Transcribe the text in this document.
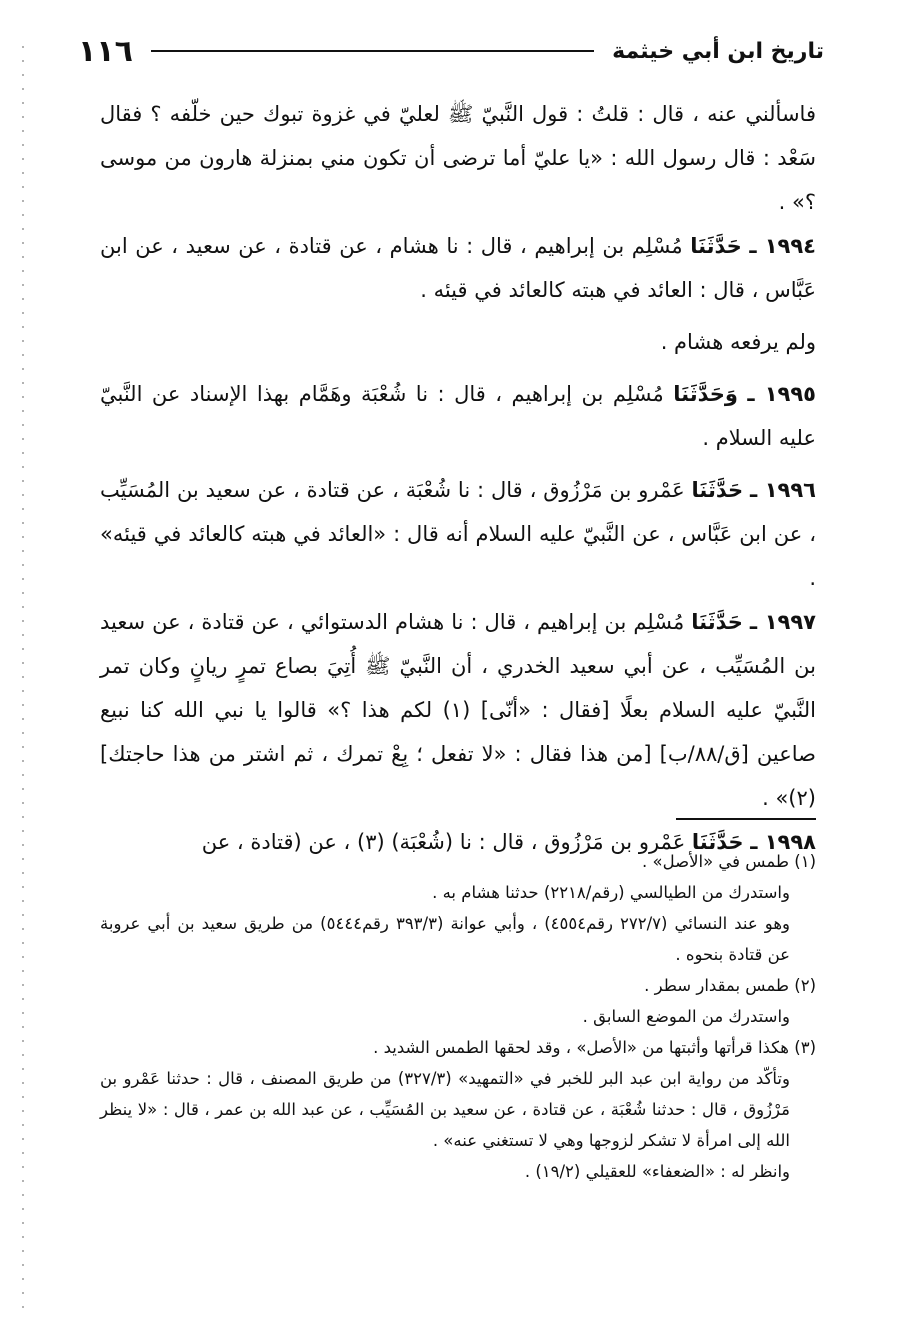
تاريخ ابن أبي خيثمة
١١٦

فاسألني عنه ، قال : قلتُ : قول النَّبيّ ﷺ لعليّ في غزوة تبوك حين خلّفه ؟ فقال سَعْد : قال رسول الله : «يا عليّ أما ترضى أن تكون مني بمنزلة هارون من موسى ؟» .

١٩٩٤ ـ حَدَّثَنَا مُسْلِم بن إبراهيم ، قال : نا هشام ، عن قتادة ، عن سعيد ، عن ابن عَبَّاس ، قال : العائد في هبته كالعائد في قيئه .

ولم يرفعه هشام .

١٩٩٥ ـ وَحَدَّثَنَا مُسْلِم بن إبراهيم ، قال : نا شُعْبَة وهَمَّام بهذا الإسناد عن النَّبيّ عليه السلام .

١٩٩٦ ـ حَدَّثَنَا عَمْرو بن مَرْزُوق ، قال : نا شُعْبَة ، عن قتادة ، عن سعيد بن المُسَيِّب ، عن ابن عَبَّاس ، عن النَّبيّ عليه السلام أنه قال : «العائد في هبته كالعائد في قيئه» .

١٩٩٧ ـ حَدَّثَنَا مُسْلِم بن إبراهيم ، قال : نا هشام الدستوائي ، عن قتادة ، عن سعيد بن المُسَيِّب ، عن أبي سعيد الخدري ، أن النَّبيّ ﷺ أُتِيَ بصاع تمرٍ ريانٍ وكان تمر النَّبيّ عليه السلام بعلًا [فقال : «أنّى] (١) لكم هذا ؟» قالوا يا نبي الله كنا نبيع صاعين [ق/٨٨/ب] [من هذا فقال : «لا تفعل ؛ بِعْ تمرك ، ثم اشتر من هذا حاجتك] (٢)» .

١٩٩٨ ـ حَدَّثَنَا عَمْرو بن مَرْزُوق ، قال : نا (شُعْبَة) (٣) ، عن (قتادة ، عن

(١) طمس في «الأصل» .

واستدرك من الطيالسي (رقم/٢٢١٨) حدثنا هشام به .

وهو عند النسائي (٢٧٢/٧ رقم٤٥٥٤) ، وأبي عوانة (٣٩٣/٣ رقم٥٤٤٤) من طريق سعيد بن أبي عروبة عن قتادة بنحوه .

(٢) طمس بمقدار سطر .

واستدرك من الموضع السابق .

(٣) هكذا قرأتها وأثبتها من «الأصل» ، وقد لحقها الطمس الشديد .

وتأكّد من رواية ابن عبد البر للخبر في «التمهيد» (٣٢٧/٣) من طريق المصنف ، قال : حدثنا عَمْرو بن مَرْزُوق ، قال : حدثنا شُعْبَة ، عن قتادة ، عن سعيد بن المُسَيِّب ، عن عبد الله بن عمر ، قال : «لا ينظر الله إلى امرأة لا تشكر لزوجها وهي لا تستغني عنه» .

وانظر له : «الضعفاء» للعقيلي (١٩/٢) .
